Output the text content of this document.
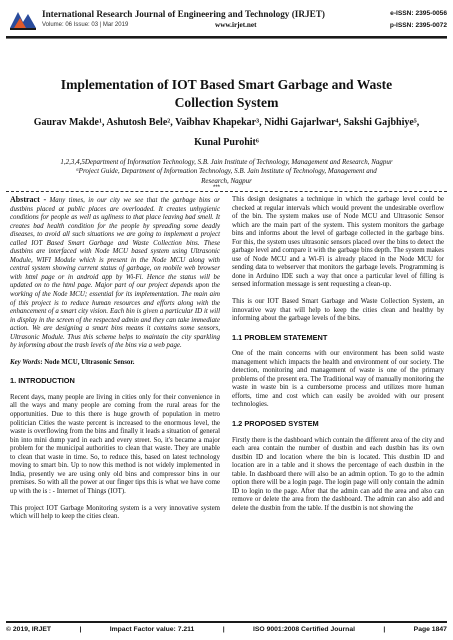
International Research Journal of Engineering and Technology (IRJET)
Volume: 06 Issue: 03 | Mar 2019	www.irjet.net
e-ISSN: 2395-0056
p-ISSN: 2395-0072
Implementation of IOT Based Smart Garbage and Waste
Collection System
Gaurav Makde¹, Ashutosh Bele², Vaibhav Khapekar³, Nidhi Gajarlwar⁴, Sakshi Gajbhiye⁵,
Kunal Purohit⁶
1,2,3,4,5Department of Information Technology, S.B. Jain Institute of Technology, Management and Research, Nagpur
⁶Project Guide, Department of Information Technology, S.B. Jain Institute of Technology, Management and
Research, Nagpur
***

Abstract - Many times, in our city we see that the garbage bins or dustbins placed at public places are overloaded. It creates unhygienic conditions for people as well as ugliness to that place leaving bad smell. It creates bad health condition for the people by spreading some deadly diseases, to avoid all such situations we are going to implement a project called IOT Based Smart Garbage and Waste Collection bins. These dustbins are interfaced with Node MCU based system using Ultrasonic Module, WIFI Module which is present in the Node MCU along with central system showing current status of garbage, on mobile web browser with html page or in android app by Wi-Fi. Hence the status will be updated on to the html page. Major part of our project depends upon the working of the Node MCU; essential for its implementation. The main aim of this project is to reduce human resources and efforts along with the enhancement of a smart city vision. Each bin is given a particular ID it will in display in the screen of the respected admin and they can take immediate action. We are designing a smart bins means it contains some sensors, Ultrasonic Module. Thus this scheme helps to maintain the city sparkling by informing about the trash levels of the bins via a web page.

Key Words: Node MCU, Ultrasonic Sensor.

1. INTRODUCTION

Recent days, many people are living in cities only for their convenience in all the ways and many people are coming from the rural areas for the opportunities. Due to this there is huge growth of population in metro politician Cities the waste percent is increased to the enormous level, the waste is overflowing from the bins and finally it leads a situation of general bin into mini dump yard in each and every street. So, it's became a major problem for the municipal authorities to clean that waste. They are unable to clean that waste in time. So, to reduce this, based on latest technology moving to smart bin. Up to now this method is not widely implemented in India, presently we are using only old bins and compressor bins in our premises. So with all the power at our finger tips this is what we have come up with the is : - Internet of Things (IOT).

This project IOT Garbage Monitoring system is a very innovative system which will help to keep the cities clean.

This design designates a technique in which the garbage level could be checked at regular intervals which would prevent the undesirable overflow of the bin. The system makes use of Node MCU and Ultrasonic Sensor which are the main part of the system. This system monitors the garbage bins and informs about the level of garbage collected in the garbage bins. For this, the system uses ultrasonic sensors placed over the bins to detect the garbage level and compare it with the garbage bins depth. The system makes use of Node MCU and a Wi-Fi is already placed in the Node MCU for sending data to webserver that monitors the garbage levels. Programming is done in Arduino IDE such a way that once a particular level of filling is sensed information message is sent requesting a clean-up.

This is our IOT Based Smart Garbage and Waste Collection System, an innovative way that will help to keep the cities clean and healthy by informing about the garbage levels of the bins.

1.1 PROBLEM STATEMENT

One of the main concerns with our environment has been solid waste management which impacts the health and environment of our society. The detection, monitoring and management of waste is one of the primary problems of the present era. The Traditional way of manually monitoring the waste in waste bin is a cumbersome process and utilizes more human efforts, time and cost which can easily be avoided with our present technologies.

1.2 PROPOSED SYSTEM

Firstly there is the dashboard which contain the different area of the city and each area contain the number of dustbin and each dustbin has its own dustbin ID and location where the bin is located. This dustbin ID and location are in a table and it shows the percentage of each dustbin in the table. In dashboard there will also be an admin option. To go to the admin option there will be a login page. The login page will only contain the admin ID to login to the page. After that the admin can add the area and also can remove or delete the area from the dashboard. The admin can also add and delete the dustbin from the table. If the dustbin is not showing the

© 2019, IRJET	|	Impact Factor value: 7.211	|	ISO 9001:2008 Certified Journal	|	Page 1847
